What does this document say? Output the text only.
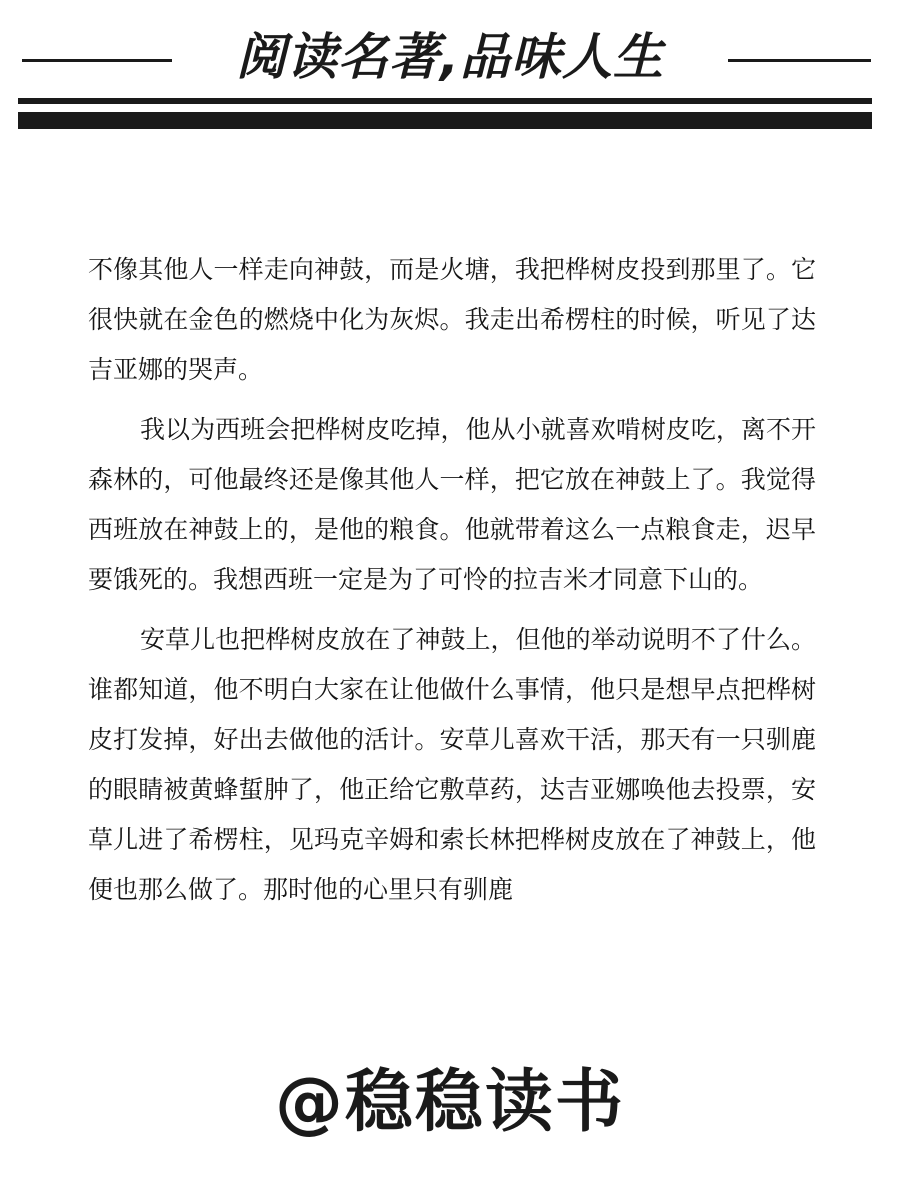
阅读名著,品味人生

不像其他人一样走向神鼓，而是火塘，我把桦树皮投到那里了。它很快就在金色的燃烧中化为灰烬。我走出希楞柱的时候，听见了达吉亚娜的哭声。

我以为西班会把桦树皮吃掉，他从小就喜欢啃树皮吃，离不开森林的，可他最终还是像其他人一样，把它放在神鼓上了。我觉得西班放在神鼓上的，是他的粮食。他就带着这么一点粮食走，迟早要饿死的。我想西班一定是为了可怜的拉吉米才同意下山的。

安草儿也把桦树皮放在了神鼓上，但他的举动说明不了什么。谁都知道，他不明白大家在让他做什么事情，他只是想早点把桦树皮打发掉，好出去做他的活计。安草儿喜欢干活，那天有一只驯鹿的眼睛被黄蜂蜇肿了，他正给它敷草药，达吉亚娜唤他去投票，安草儿进了希楞柱，见玛克辛姆和索长林把桦树皮放在了神鼓上，他便也那么做了。那时他的心里只有驯鹿

@稳稳读书
